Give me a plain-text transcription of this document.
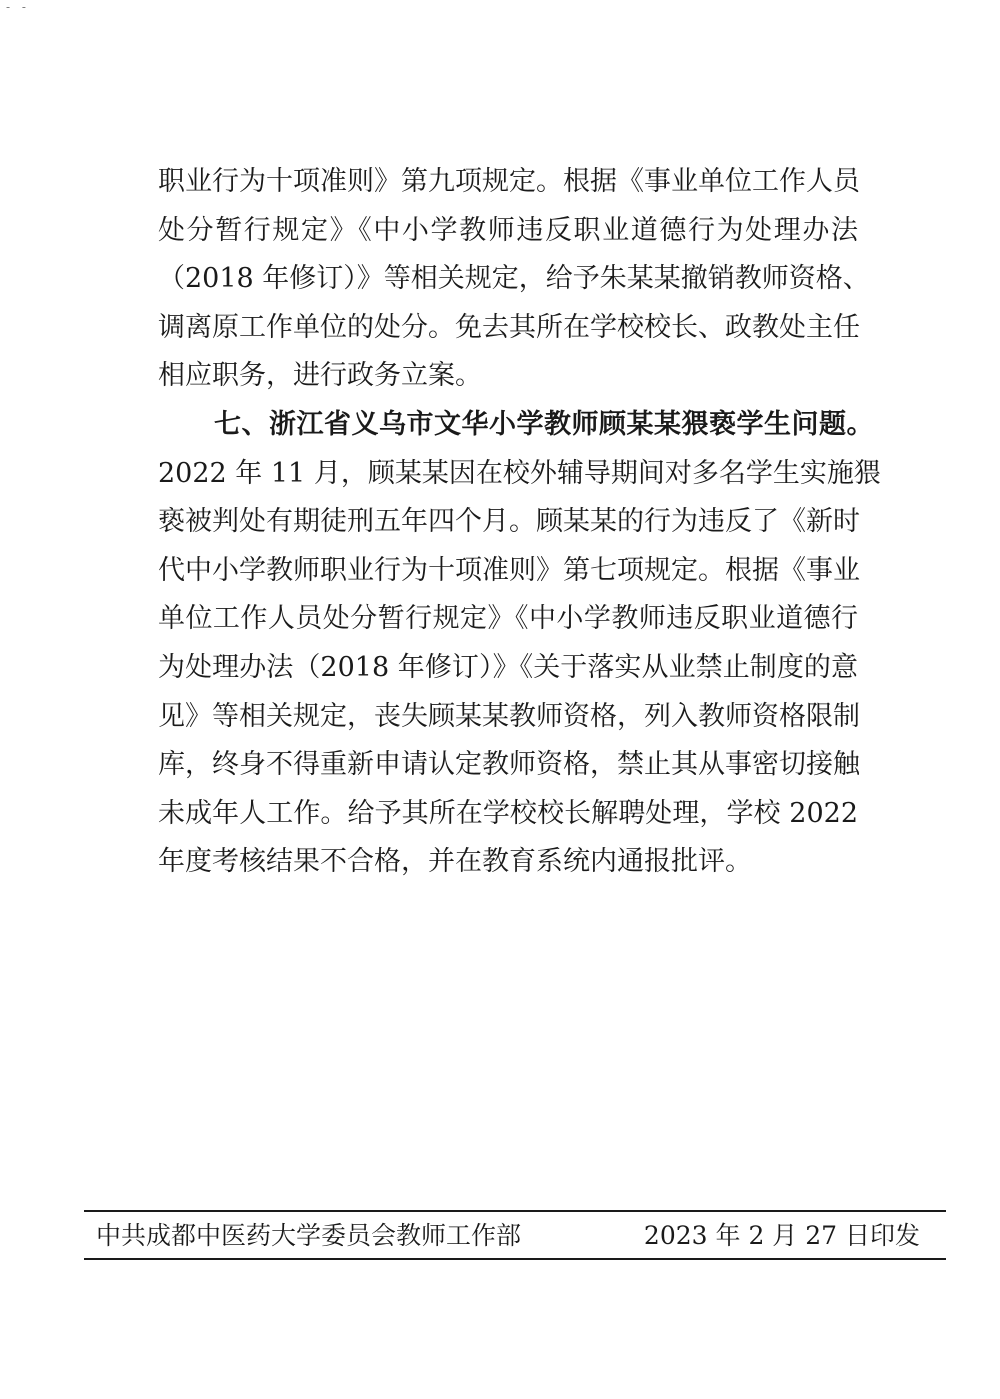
- -
职业行为十项准则》第九项规定。根据《事业单位工作人员
处分暂行规定》《中小学教师违反职业道德行为处理办法
（2018 年修订）》等相关规定，给予朱某某撤销教师资格、
调离原工作单位的处分。免去其所在学校校长、政教处主任
相应职务，进行政务立案。
七、浙江省义乌市文华小学教师顾某某猥亵学生问题。
2022 年 11 月，顾某某因在校外辅导期间对多名学生实施猥
亵被判处有期徒刑五年四个月。顾某某的行为违反了《新时
代中小学教师职业行为十项准则》第七项规定。根据《事业
单位工作人员处分暂行规定》《中小学教师违反职业道德行
为处理办法（2018 年修订）》《关于落实从业禁止制度的意
见》等相关规定，丧失顾某某教师资格，列入教师资格限制
库，终身不得重新申请认定教师资格，禁止其从事密切接触
未成年人工作。给予其所在学校校长解聘处理，学校 2022
年度考核结果不合格，并在教育系统内通报批评。
中共成都中医药大学委员会教师工作部	2023 年 2 月 27 日印发
